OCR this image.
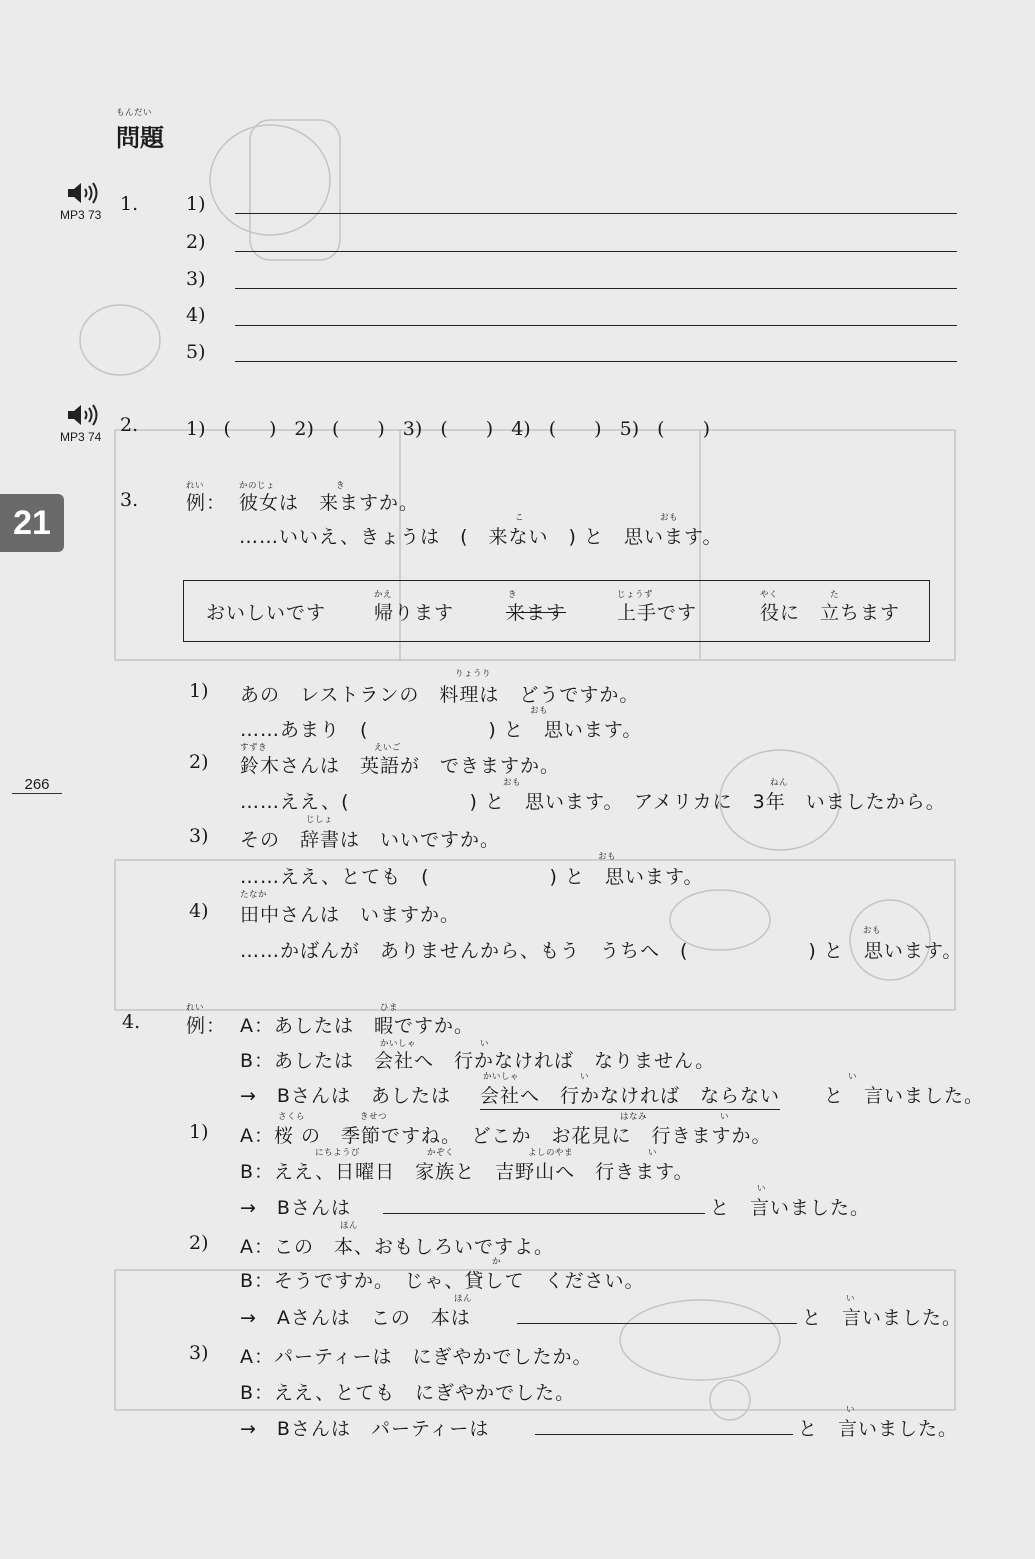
もんだい
問題
21
266
MP3 73 1.	1)
2)
3)
4)
5)
MP3 74
2.	1) (　　) 2) (　　) 3) (　　) 4) (　　) 5) (　　)
3.
れい
例：
かのじょ	き
彼女は　来ますか。
こ	おも
……いいえ、きょうは　(　来ない　) と　思います。
かえ	き	じょうず	やく	た
おいしいです	帰ります	来ます	上手です	役に　立ちます
1)
りょうり
あの　レストランの　料理は　どうですか。
おも
……あまり　(　　　　　　) と　思います。
2)
すずき	えいご
鈴木さんは　英語が　できますか。
おも	ねん
……ええ、(　　　　　　) と　思います。　アメリカに　3年　いましたから。
3)
じしょ
その　辞書は　いいですか。
おも
……ええ、とても　(　　　　　　) と　思います。
4)
たなか
田中さんは　いますか。
おも
……かばんが　ありませんから、もう　うちへ　(　　　　　　) と　思います。
4.
れい
例：
ひま
A：あしたは　暇ですか。
かいしゃ	い
B：あしたは　会社へ　行かなければ　なりません。
→　Bさんは　あしたは
かいしゃ	い
会社へ　行かなければ　ならない
い
と　言いました。
1)
さくら	きせつ	はなみ	い
A：桜 の　季節ですね。　どこか　お花見に　行きますか。
にちようび	かぞく	よしのやま	い
B：ええ、日曜日　家族と　吉野山へ　行きます。
→　Bさんは
い
と　言いました。
2)
ほん
A：この　本、おもしろいですよ。
か
B：そうですか。　じゃ、貸して　ください。
ほん
→　Aさんは　この　本は
い
と　言いました。
3) A：パーティーは　にぎやかでしたか。
B：ええ、とても　にぎやかでした。
→　Bさんは　パーティーは
い
と　言いました。
